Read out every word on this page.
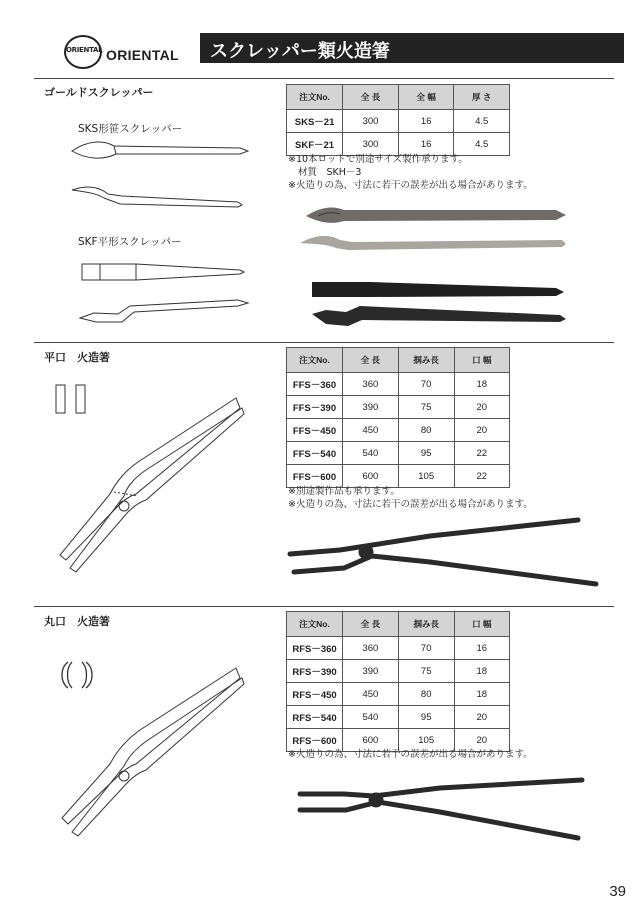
ORIENTAL ORIENTAL スクレッパー類火造箸
ゴールドスクレッパー
SKS形笹スクレッパー
SKF平形スクレッパー
注文No.	全 長	全 幅	厚 さ
SKS－21	300	16	4.5
SKF－21	300	16	4.5
※10本ロットで別途サイズ製作承ります。
材質　SKH－3
※火造りの為、寸法に若干の誤差が出る場合があります。
平口　火造箸	注文No.	全 長	掴み長	口 幅
FFS－360	360	70	18
FFS－390	390	75	20
FFS－450	450	80	20
FFS－540	540	95	22
FFS－600	600	105	22
※別途製作品も承ります。
※火造りの為、寸法に若干の誤差が出る場合があります。
丸口　火造箸	注文No.	全 長	掴み長	口 幅
RFS－360	360	70	16
RFS－390	390	75	18
RFS－450	450	80	18
RFS－540	540	95	20
RFS－600	600	105	20
※火造りの為、寸法に若干の誤差が出る場合があります。
39
